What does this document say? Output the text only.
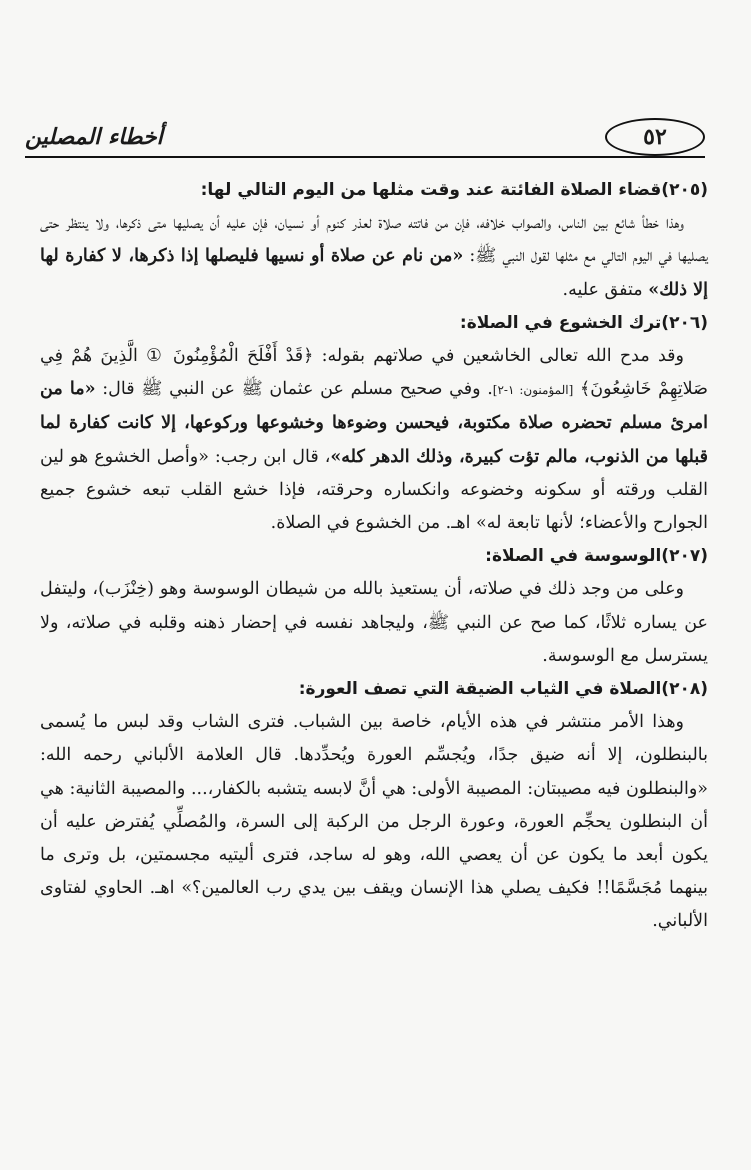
٥٢
أخطاء المصلين

(٢٠٥)قضاء الصلاة الفائتة عند وقت مثلها من اليوم التالي لها:

وهذا خطأ شائع بين الناس، والصواب خلافه، فإن من فاتته صلاة لعذر كنوم أو نسيان، فإن عليه أن يصليها متى ذكرها، ولا ينتظر حتى يصليها في اليوم التالي مع مثلها لقول النبي ﷺ: «من نام عن صلاة أو نسيها فليصلها إذا ذكرها، لا كفارة لها إلا ذلك» متفق عليه.

(٢٠٦)ترك الخشوع في الصلاة:

وقد مدح الله تعالى الخاشعين في صلاتهم بقوله: ﴿قَدْ أَفْلَحَ الْمُؤْمِنُونَ ① الَّذِينَ هُمْ فِي صَلاتِهِمْ خَاشِعُونَ﴾ [المؤمنون: ١-٢]. وفي صحيح مسلم عن عثمان ﷺ عن النبي ﷺ قال: «ما من امرئ مسلم تحضره صلاة مكتوبة، فيحسن وضوءها وخشوعها وركوعها، إلا كانت كفارة لما قبلها من الذنوب، مالم تؤت كبيرة، وذلك الدهر كله»، قال ابن رجب: «وأصل الخشوع هو لين القلب ورقته أو سكونه وخضوعه وانكساره وحرقته، فإذا خشع القلب تبعه خشوع جميع الجوارح والأعضاء؛ لأنها تابعة له» اهـ. من الخشوع في الصلاة.

(٢٠٧)الوسوسة في الصلاة:

وعلى من وجد ذلك في صلاته، أن يستعيذ بالله من شيطان الوسوسة وهو (خِنْزَب)، وليتفل عن يساره ثلاثًا، كما صح عن النبي ﷺ، وليجاهد نفسه في إحضار ذهنه وقلبه في صلاته، ولا يسترسل مع الوسوسة.

(٢٠٨)الصلاة في الثياب الضيقة التي تصف العورة:

وهذا الأمر منتشر في هذه الأيام، خاصة بين الشباب. فترى الشاب وقد لبس ما يُسمى بالبنطلون، إلا أنه ضيق جدًا، ويُجسِّم العورة ويُحدِّدها. قال العلامة الألباني رحمه الله: «والبنطلون فيه مصيبتان: المصيبة الأولى: هي أنَّ لابسه يتشبه بالكفار،... والمصيبة الثانية: هي أن البنطلون يحجِّم العورة، وعورة الرجل من الركبة إلى السرة، والمُصلِّي يُفترض عليه أن يكون أبعد ما يكون عن أن يعصي الله، وهو له ساجد، فترى أليتيه مجسمتين، بل وترى ما بينهما مُجَسَّمًا!! فكيف يصلي هذا الإنسان ويقف بين يدي رب العالمين؟» اهـ. الحاوي لفتاوى الألباني.
